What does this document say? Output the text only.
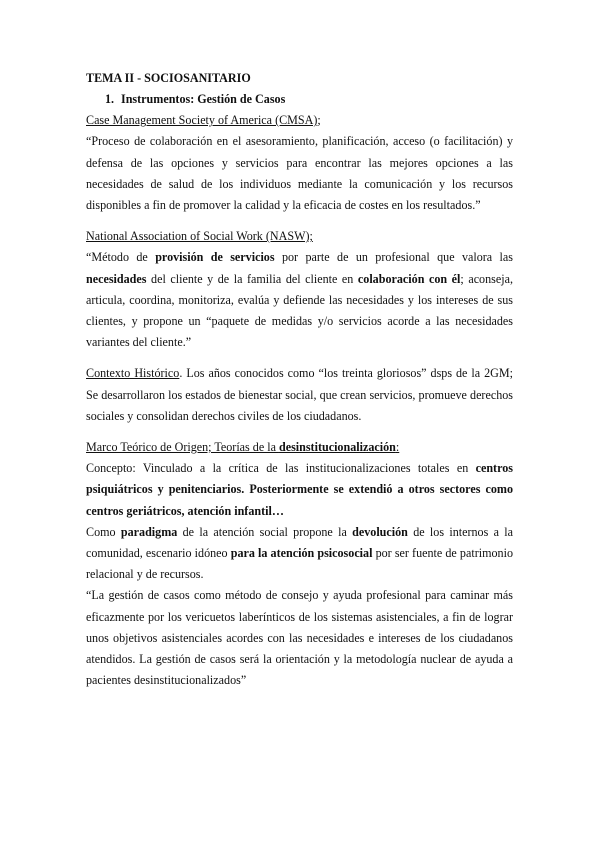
TEMA II - SOCIOSANITARIO
1. Instrumentos: Gestión de Casos
Case Management Society of America (CMSA);
“Proceso de colaboración en el asesoramiento, planificación, acceso (o facilitación) y
defensa de las opciones y servicios para encontrar las mejores opciones a las
necesidades de salud de los individuos mediante la comunicación y los recursos
disponibles a fin de promover la calidad y la eficacia de costes en los resultados.”
National Association of Social Work (NASW);
“Método de provisión de servicios por parte de un profesional que valora las
necesidades del cliente y de la familia del cliente en colaboración con él; aconseja,
articula, coordina, monitoriza, evalúa y defiende las necesidades y los intereses de sus
clientes, y propone un “paquete de medidas y/o servicios acorde a las necesidades
variantes del cliente.”
Contexto Histórico. Los años conocidos como “los treinta gloriosos” dsps de la 2GM;
Se desarrollaron los estados de bienestar social, que crean servicios, promueve derechos
sociales y consolidan derechos civiles de los ciudadanos.
Marco Teórico de Origen; Teorías de la desinstitucionalización:
Concepto: Vinculado a la crítica de las institucionalizaciones totales en centros
psiquiátricos y penitenciarios. Posteriormente se extendió a otros sectores como
centros geriátricos, atención infantil…
Como paradigma de la atención social propone la devolución de los internos a la
comunidad, escenario idóneo para la atención psicosocial por ser fuente de patrimonio
relacional y de recursos.
“La gestión de casos como método de consejo y ayuda profesional para caminar más
eficazmente por los vericuetos laberínticos de los sistemas asistenciales, a fin de lograr
unos objetivos asistenciales acordes con las necesidades e intereses de los ciudadanos
atendidos. La gestión de casos será la orientación y la metodología nuclear de ayuda a
pacientes desinstitucionalizados”
